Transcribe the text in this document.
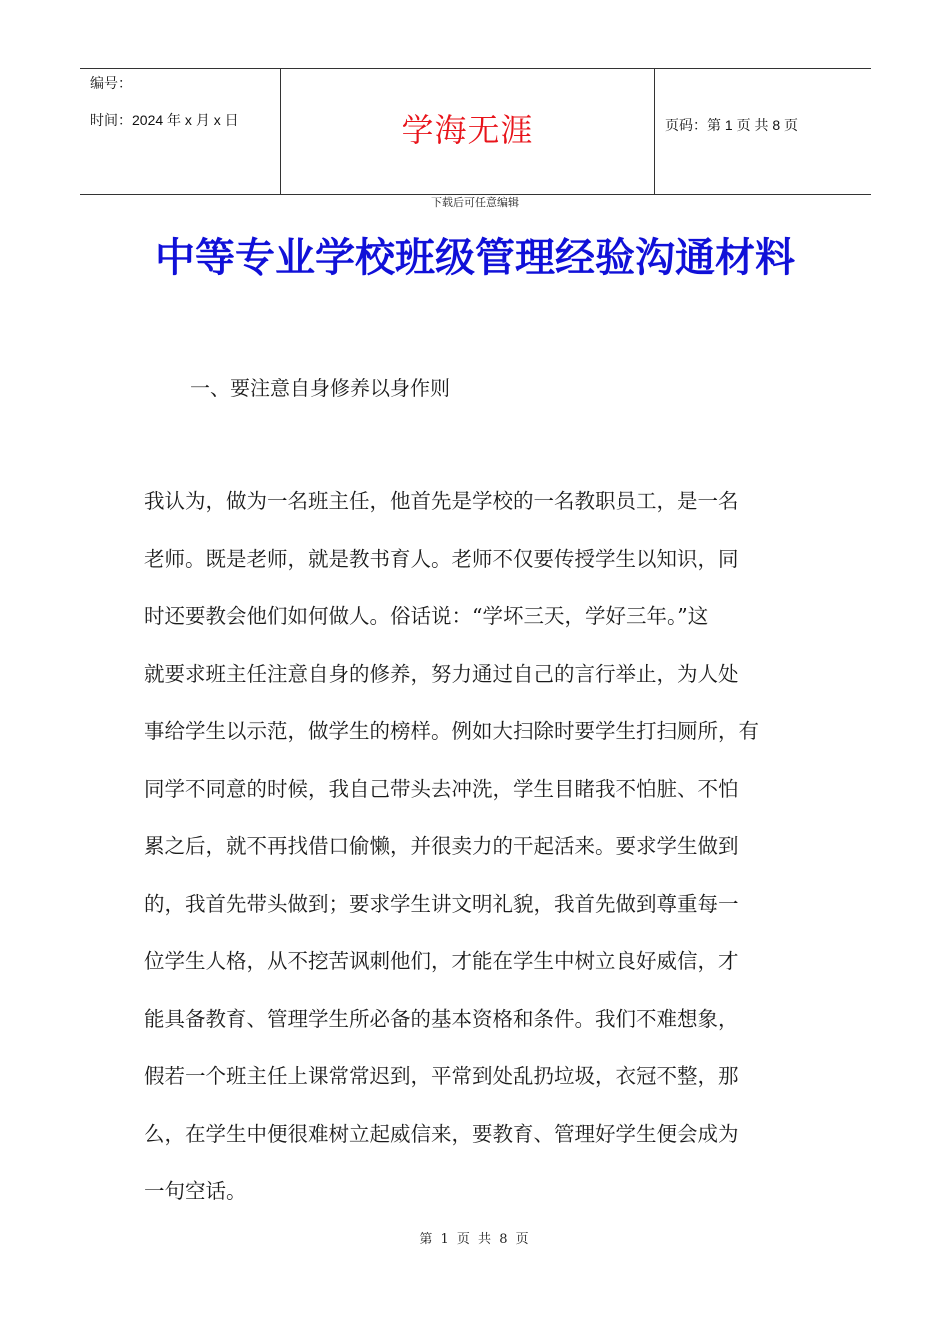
编号：
时间：2024 年 x 月 x 日	学海无涯	页码：第 1 页 共 8 页
下载后可任意编辑
中等专业学校班级管理经验沟通材料
一、要注意自身修养以身作则
我认为，做为一名班主任，他首先是学校的一名教职员工，是一名
老师。既是老师，就是教书育人。老师不仅要传授学生以知识，同
时还要教会他们如何做人。俗话说：“学坏三天，学好三年。”这
就要求班主任注意自身的修养，努力通过自己的言行举止，为人处
事给学生以示范，做学生的榜样。例如大扫除时要学生打扫厕所，有
同学不同意的时候，我自己带头去冲洗，学生目睹我不怕脏、不怕
累之后，就不再找借口偷懒，并很卖力的干起活来。要求学生做到
的，我首先带头做到；要求学生讲文明礼貌，我首先做到尊重每一
位学生人格，从不挖苦讽刺他们，才能在学生中树立良好威信，才
能具备教育、管理学生所必备的基本资格和条件。我们不难想象，
假若一个班主任上课常常迟到，平常到处乱扔垃圾，衣冠不整，那
么，在学生中便很难树立起威信来，要教育、管理好学生便会成为
一句空话。
第 1 页 共 8 页
